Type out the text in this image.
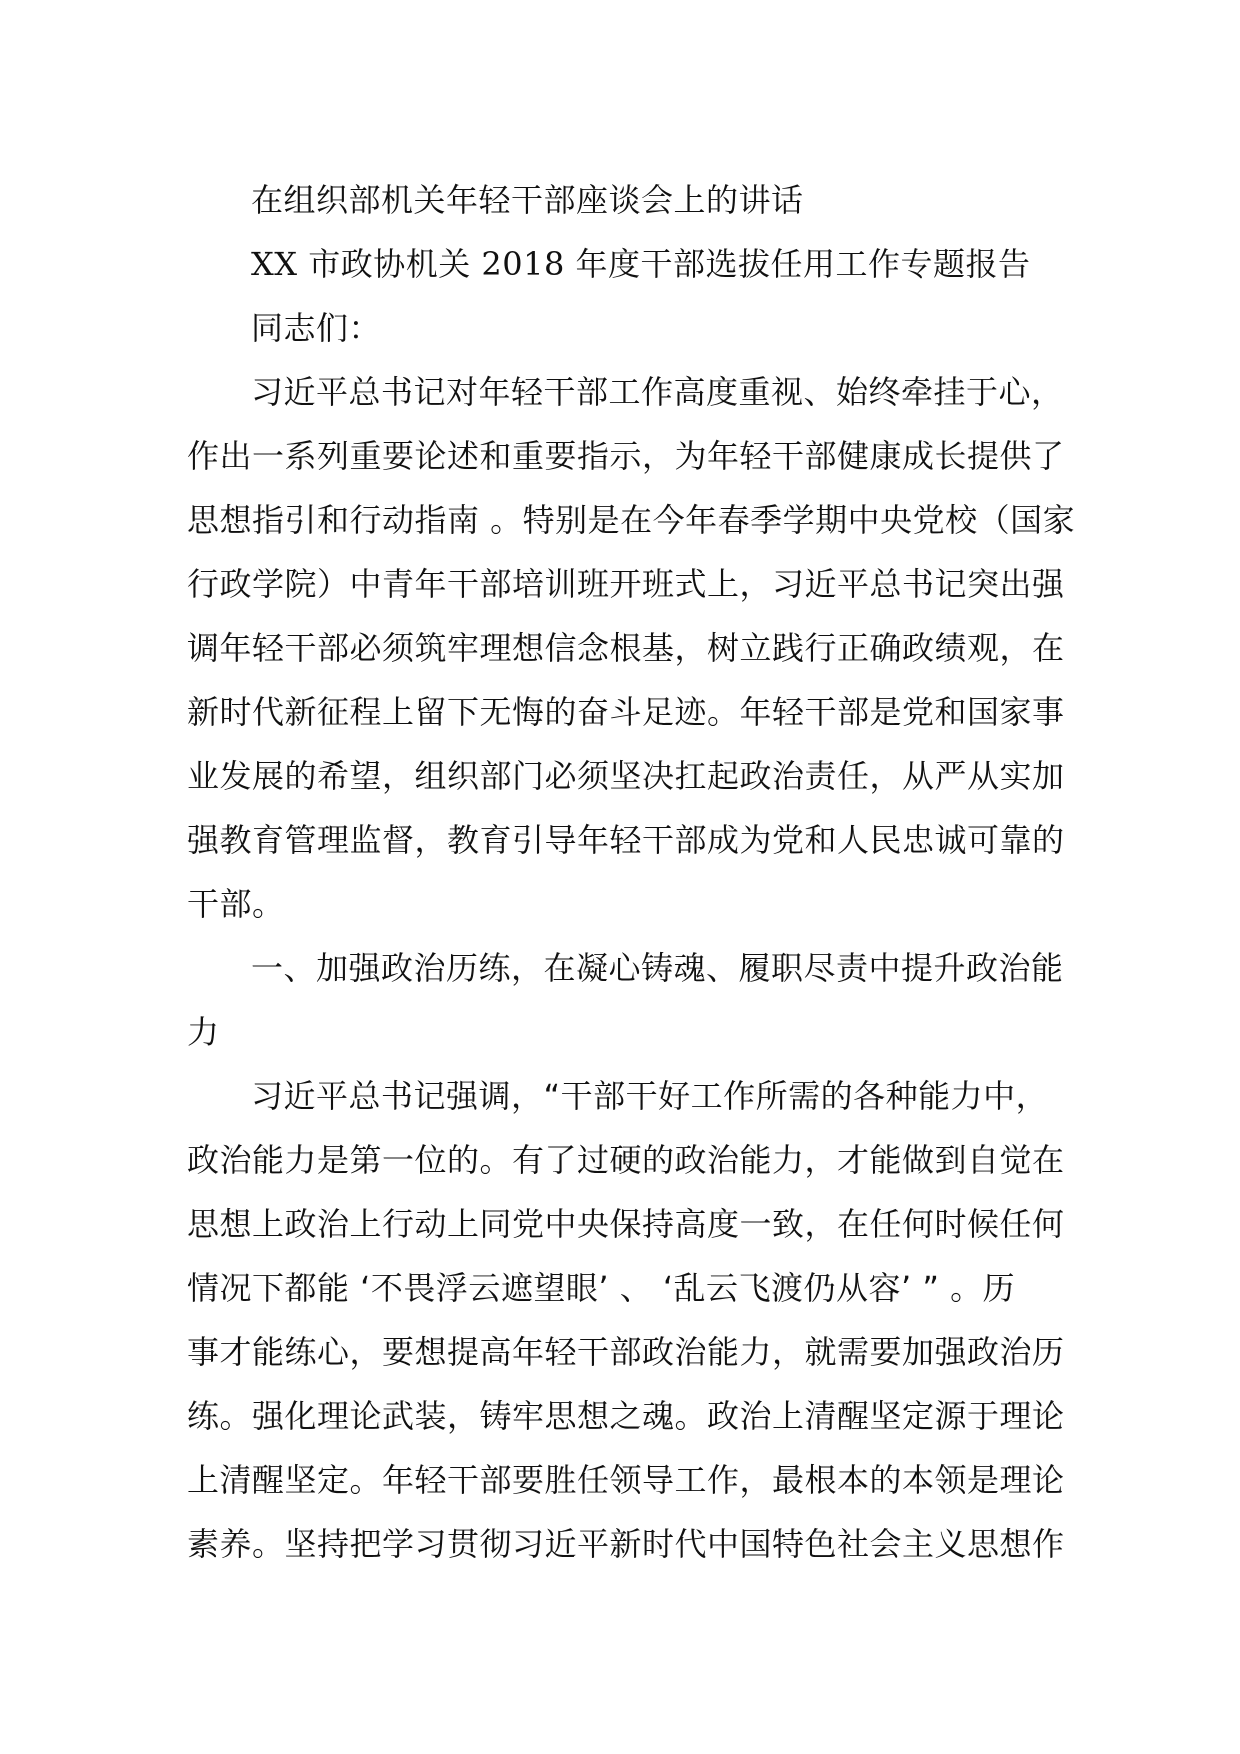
在组织部机关年轻干部座谈会上的讲话
XX 市政协机关 2018 年度干部选拔任用工作专题报告
同志们：
习近平总书记对年轻干部工作高度重视、始终牵挂于心，
作出一系列重要论述和重要指示，为年轻干部健康成长提供了
思想指引和行动指南 。特别是在今年春季学期中央党校（国家
行政学院）中青年干部培训班开班式上，习近平总书记突出强
调年轻干部必须筑牢理想信念根基，树立践行正确政绩观，在
新时代新征程上留下无悔的奋斗足迹。年轻干部是党和国家事
业发展的希望，组织部门必须坚决扛起政治责任，从严从实加
强教育管理监督，教育引导年轻干部成为党和人民忠诚可靠的
干部。
一、加强政治历练，在凝心铸魂、履职尽责中提升政治能
力
习近平总书记强调，“干部干好工作所需的各种能力中，
政治能力是第一位的。有了过硬的政治能力，才能做到自觉在
思想上政治上行动上同党中央保持高度一致，在任何时候任何
情况下都能 ‘不畏浮云遮望眼’ 、 ‘乱云飞渡仍从容’ ” 。历
事才能练心，要想提高年轻干部政治能力，就需要加强政治历
练。强化理论武装，铸牢思想之魂。政治上清醒坚定源于理论
上清醒坚定。年轻干部要胜任领导工作，最根本的本领是理论
素养。坚持把学习贯彻习近平新时代中国特色社会主义思想作
